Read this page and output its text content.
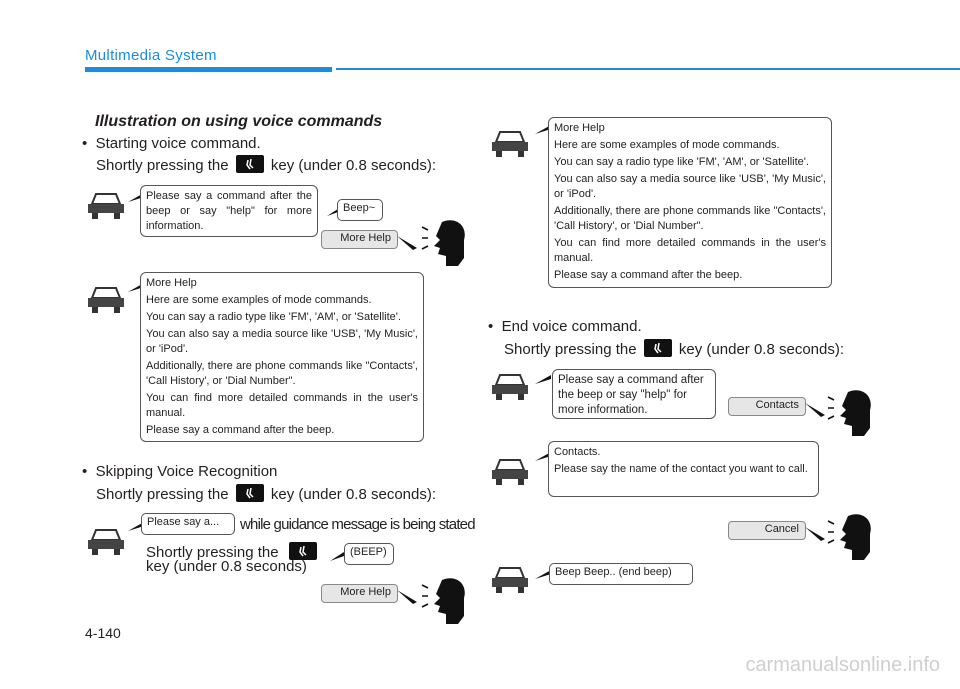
Multimedia System
Illustration on using voice commands
•  Starting voice command.
Shortly pressing the	key (under 0.8 seconds):

Please say a command after the beep or say "help" for more information.

Beep~
More Help

More Help

Here are some examples of mode commands.

You can say a radio type like 'FM', 'AM', or 'Satellite'.

You can also say a media source like 'USB', 'My Music', or 'iPod'.

Additionally, there are phone commands like "Contacts', 'Call History', or 'Dial Number".

You can find more detailed commands in the user's manual.

Please say a command after the beep.

•  Skipping Voice Recognition
Shortly pressing the	key (under 0.8 seconds):
Please say a...	while guidance message is being stated
Shortly pressing the
key (under 0.8 seconds)
(BEEP)
More Help

More Help

Here are some examples of mode commands.

You can say a radio type like 'FM', 'AM', or 'Satellite'.

You can also say a media source like 'USB', 'My Music', or 'iPod'.

Additionally, there are phone commands like "Contacts', 'Call History', or 'Dial Number".

You can find more detailed commands in the user's manual.

Please say a command after the beep.

•  End voice command.
Shortly pressing the	key (under 0.8 seconds):

Please say a command after the beep or say "help" for more information.	Contacts

Contacts.

Please say the name of the contact you want to call.

Cancel
Beep Beep.. (end beep)
4-140
carmanualsonline.info
